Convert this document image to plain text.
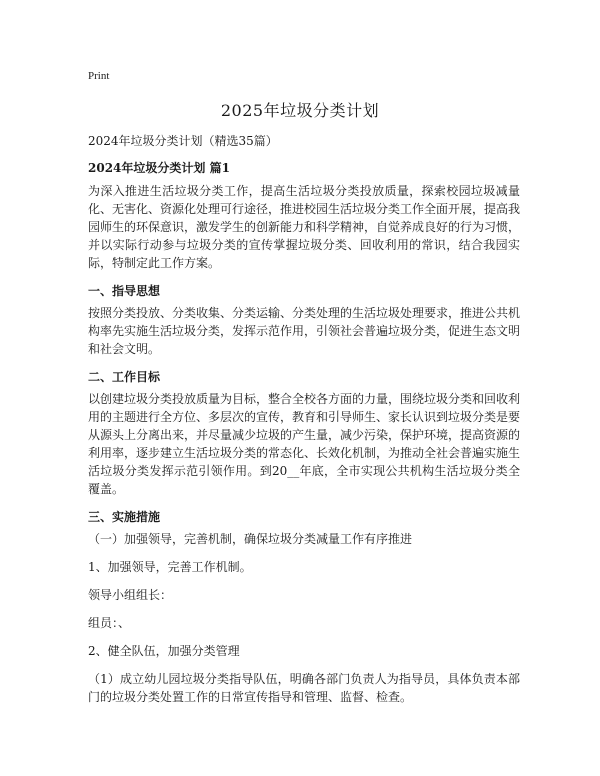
Print
2025年垃圾分类计划

2024年垃圾分类计划（精选35篇）

2024年垃圾分类计划 篇1

为深入推进生活垃圾分类工作，提高生活垃圾分类投放质量，探索校园垃圾减量化、无害化、资源化处理可行途径，推进校园生活垃圾分类工作全面开展，提高我园师生的环保意识，激发学生的创新能力和科学精神，自觉养成良好的行为习惯，并以实际行动参与垃圾分类的宣传掌握垃圾分类、回收利用的常识，结合我园实际，特制定此工作方案。

一、指导思想

按照分类投放、分类收集、分类运输、分类处理的生活垃圾处理要求，推进公共机构率先实施生活垃圾分类，发挥示范作用，引领社会普遍垃圾分类，促进生态文明和社会文明。

二、工作目标

以创建垃圾分类投放质量为目标，整合全校各方面的力量，围绕垃圾分类和回收利用的主题进行全方位、多层次的宣传，教育和引导师生、家长认识到垃圾分类是要从源头上分离出来，并尽量减少垃圾的产生量，减少污染，保护环境，提高资源的利用率，逐步建立生活垃圾分类的常态化、长效化机制，为推动全社会普遍实施生活垃圾分类发挥示范引领作用。到20__年底，全市实现公共机构生活垃圾分类全覆盖。

三、实施措施

（一）加强领导，完善机制，确保垃圾分类减量工作有序推进

1、加强领导，完善工作机制。

领导小组组长：

组员：、

2、健全队伍，加强分类管理

（1）成立幼儿园垃圾分类指导队伍，明确各部门负责人为指导员，具体负责本部门的垃圾分类处置工作的日常宣传指导和管理、监督、检查。
